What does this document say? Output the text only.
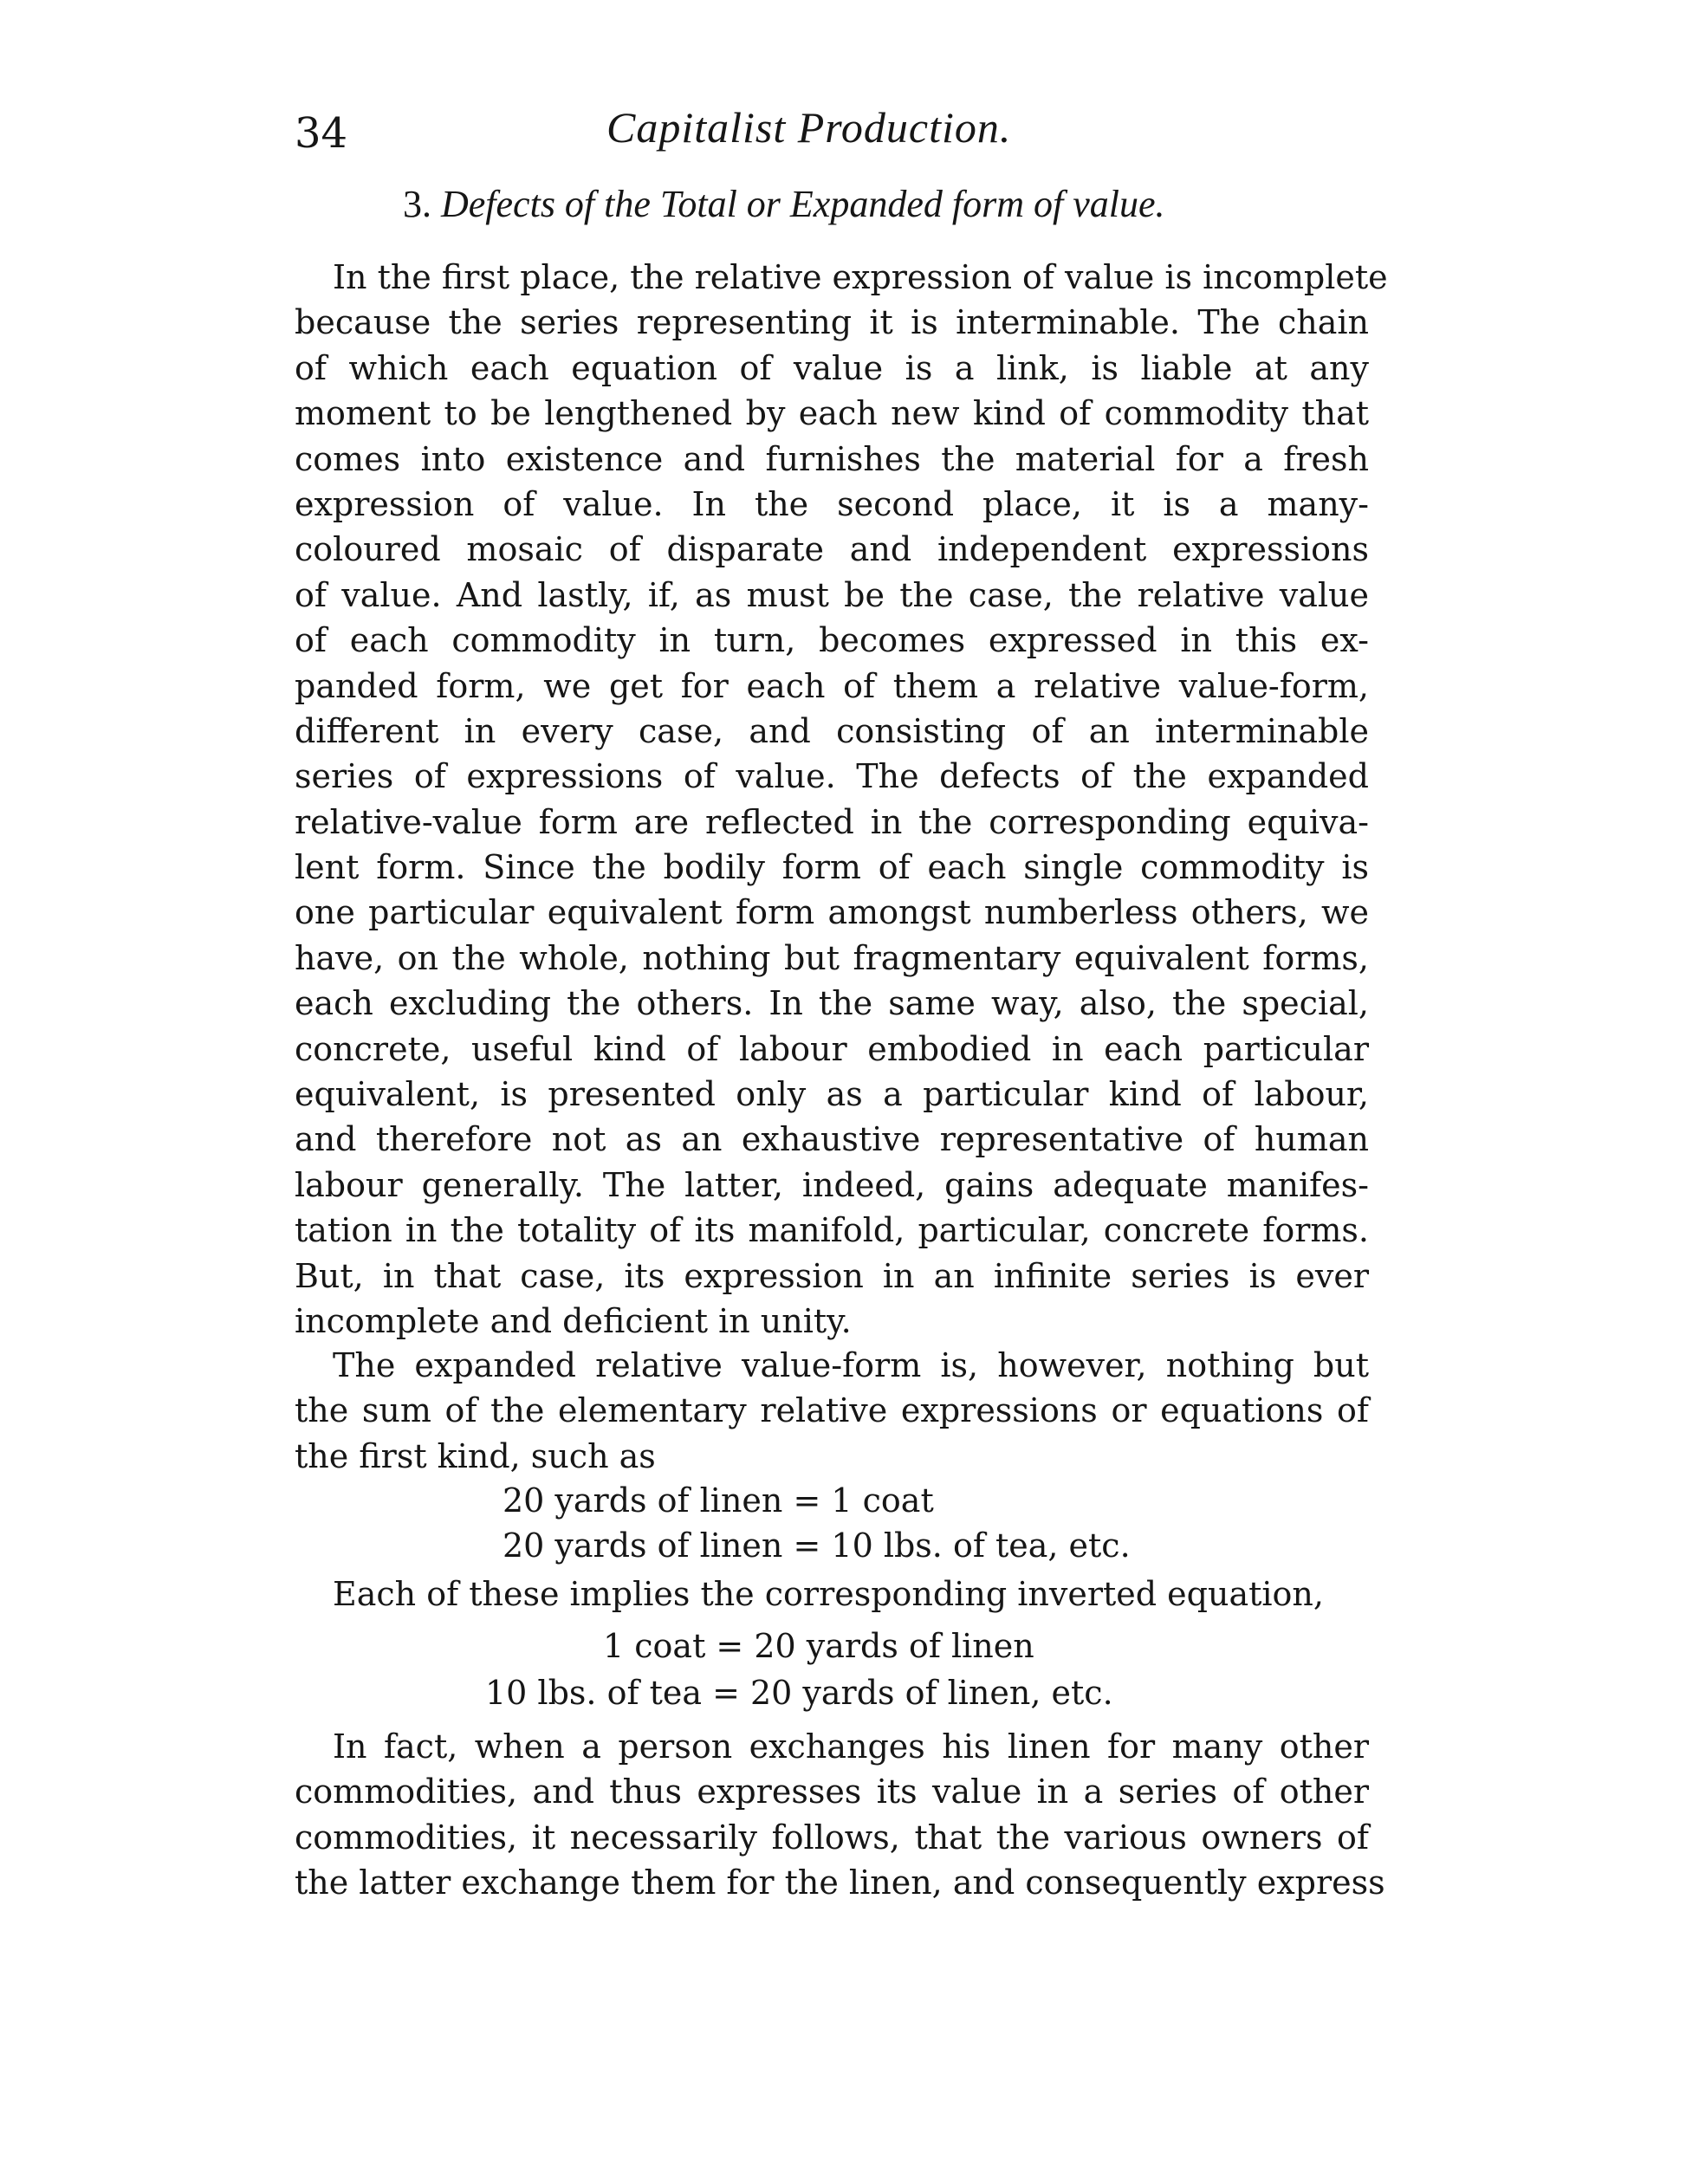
34	Capitalist Production.
3. Defects of the Total or Expanded form of value.
In the first place, the relative expression of value is incomplete
because the series representing it is interminable. The chain
of which each equation of value is a link, is liable at any
moment to be lengthened by each new kind of commodity that
comes into existence and furnishes the material for a fresh
expression of value. In the second place, it is a many-
coloured mosaic of disparate and independent expressions
of value. And lastly, if, as must be the case, the relative value
of each commodity in turn, becomes expressed in this ex-
panded form, we get for each of them a relative value-form,
different in every case, and consisting of an interminable
series of expressions of value. The defects of the expanded
relative-value form are reflected in the corresponding equiva-
lent form. Since the bodily form of each single commodity is
one particular equivalent form amongst numberless others, we
have, on the whole, nothing but fragmentary equivalent forms,
each excluding the others. In the same way, also, the special,
concrete, useful kind of labour embodied in each particular
equivalent, is presented only as a particular kind of labour,
and therefore not as an exhaustive representative of human
labour generally. The latter, indeed, gains adequate manifes-
tation in the totality of its manifold, particular, concrete forms.
But, in that case, its expression in an infinite series is ever
incomplete and deficient in unity.
The expanded relative value-form is, however, nothing but
the sum of the elementary relative expressions or equations of
the first kind, such as
20 yards of linen = 1 coat
20 yards of linen = 10 lbs. of tea, etc.
Each of these implies the corresponding inverted equation,
1 coat = 20 yards of linen
10 lbs. of tea = 20 yards of linen, etc.
In fact, when a person exchanges his linen for many other
commodities, and thus expresses its value in a series of other
commodities, it necessarily follows, that the various owners of
the latter exchange them for the linen, and consequently express
